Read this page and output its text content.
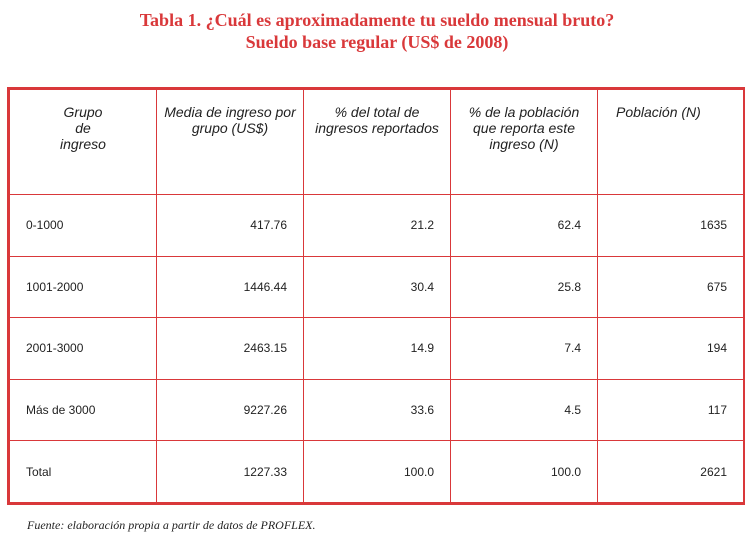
Tabla 1. ¿Cuál es aproximadamente tu sueldo mensual bruto?
Sueldo base regular (US$ de 2008)
Grupo de ingreso	Media de ingreso por grupo (US$)	% del total de ingresos reportados	% de la población que reporta este ingreso (N)	Población (N)
0-1000	417.76	21.2	62.4	1635
1001-2000	1446.44	30.4	25.8	675
2001-3000	2463.15	14.9	7.4	194
Más de 3000	9227.26	33.6	4.5	117
Total	1227.33	100.0	100.0	2621
Fuente: elaboración propia a partir de datos de PROFLEX.
